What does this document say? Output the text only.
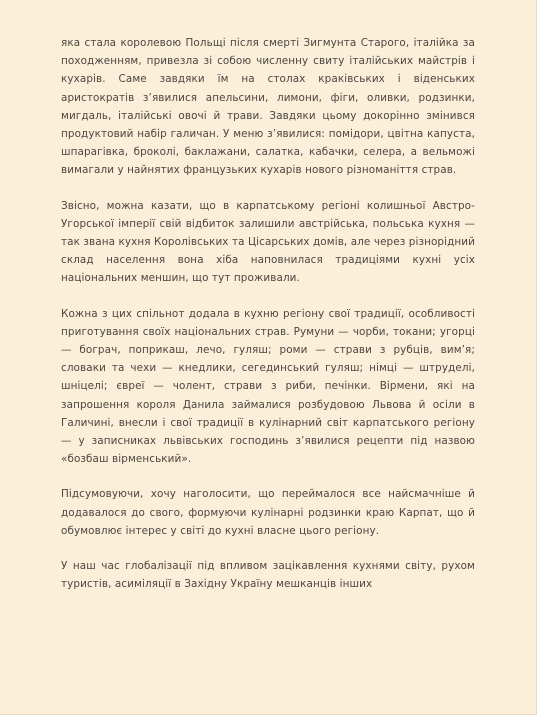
яка стала королевою Польщі після смерті Зигмунта Старого, італійка за походженням, привезла зі собою численну свиту італійських майстрів і кухарів. Саме завдяки їм на столах краківських і віденських аристократів з’явилися апельсини, лимони, фіги, оливки, родзинки, мигдаль, італійські овочі й трави. Завдяки цьому докорінно змінився продуктовий набір галичан. У меню з’явилися: помідори, цвітна капуста, шпарагівка, броколі, баклажани, салатка, кабачки, селера, а вельможі вимагали у найнятих французьких кухарів нового різноманіття страв.

Звісно, можна казати, що в карпатському регіоні колишньої Австро-Угорської імперії свій відбиток залишили австрійська, польська кухня — так звана кухня Королівських та Цісарських домів, але через різнорідний склад населення вона хіба наповнилася традиціями кухні усіх національних меншин, що тут проживали.

Кожна з цих спільнот додала в кухню регіону свої традиції, особливості приготування своїх національних страв. Румуни — чорби, токани; угорці — бограч, поприкаш, лечо, гуляш; роми — страви з рубців, вим’я; словаки та чехи — кнедлики, сегединський гуляш; німці — штруделі, шніцелі; євреї — чолент, страви з риби, печінки. Вірмени, які на запрошення короля Данила займалися розбудовою Львова й осіли в Галичині, внесли і свої традиції в кулінарний світ карпатського регіону — у записниках львівських господинь з’явилися рецепти під назвою «бозбаш вірменський».

Підсумовуючи, хочу наголосити, що переймалося все найсмачніше й додавалося до свого, формуючи кулінарні родзинки краю Карпат, що й обумовлює інтерес у світі до кухні власне цього регіону.

У наш час глобалізації під впливом зацікавлення кухнями світу, рухом туристів, асиміляції в Західну Україну мешканців інших
